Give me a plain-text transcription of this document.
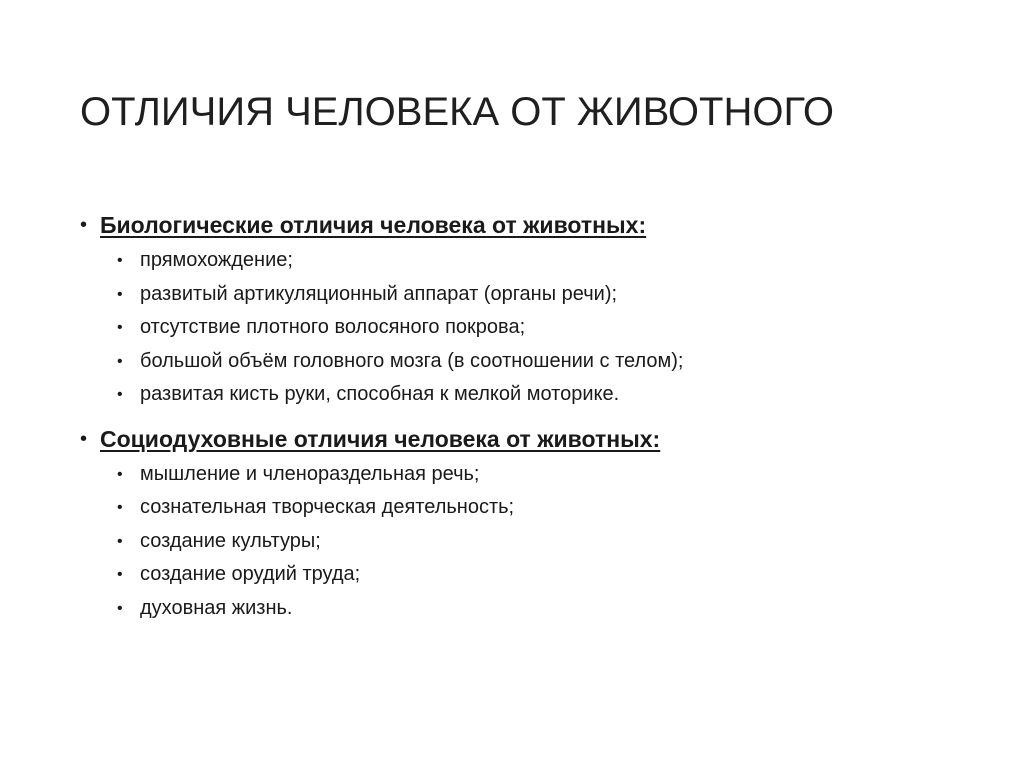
ОТЛИЧИЯ ЧЕЛОВЕКА ОТ ЖИВОТНОГО
• Биологические отличия человека от животных:
• прямохождение;
• развитый артикуляционный аппарат (органы речи);
• отсутствие плотного волосяного покрова;
• большой объём головного мозга (в соотношении с телом);
• развитая кисть руки, способная к мелкой моторике.
• Социодуховные отличия человека от животных:
• мышление и членораздельная речь;
• сознательная творческая деятельность;
• создание культуры;
• создание орудий труда;
• духовная жизнь.
